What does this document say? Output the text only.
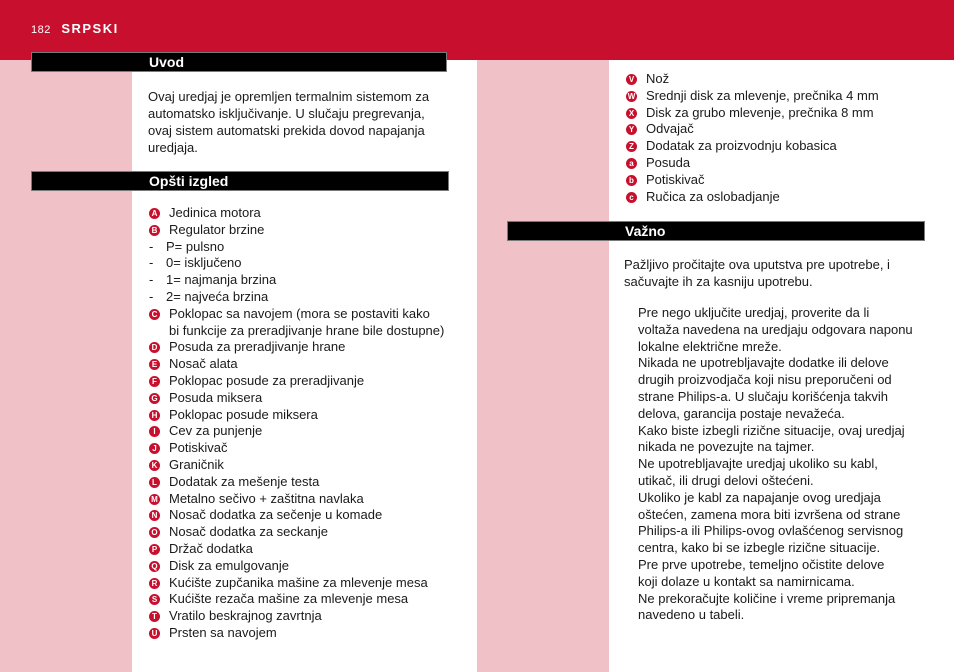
182 SRPSKI
Uvod
Ovaj uredjaj je opremljen termalnim sistemom za
automatsko isključivanje. U slučaju pregrevanja,
ovaj sistem automatski prekida dovod napajanja
uredjaja.
Opšti izgled
A Jedinica motora
B Regulator brzine
- P= pulsno
- 0= isključeno
- 1= najmanja brzina
- 2= najveća brzina
C Poklopac sa navojem (mora se postaviti kako
bi funkcije za preradjivanje hrane bile dostupne)
D Posuda za preradjivanje hrane
E Nosač alata
F Poklopac posude za preradjivanje
G Posuda miksera
H Poklopac posude miksera
I	Cev za punjenje
J Potiskivač
K Graničnik
L Dodatak za mešenje testa
M Metalno sečivo + zaštitna navlaka
N Nosač dodatka za sečenje u komade
O Nosač dodatka za seckanje
P Držač dodatka
Q Disk za emulgovanje
R Kućište zupčanika mašine za mlevenje mesa
S Kućište rezača mašine za mlevenje mesa
T Vratilo beskrajnog zavrtnja
U Prsten sa navojem
V Nož
W Srednji disk za mlevenje, prečnika 4 mm
X Disk za grubo mlevenje, prečnika 8 mm
Y Odvajač
Z Dodatak za proizvodnju kobasica
a Posuda
b Potiskivač
c Ručica za oslobadjanje
Važno
Pažljivo pročitajte ova uputstva pre upotrebe, i
sačuvajte ih za kasniju upotrebu.
Pre nego uključite uredjaj, proverite da li
voltaža navedena na uredjaju odgovara naponu
lokalne električne mreže.
Nikada ne upotrebljavajte dodatke ili delove
drugih proizvodjača koji nisu preporučeni od
strane Philips-a. U slučaju korišćenja takvih
delova, garancija postaje nevažeća.
Kako biste izbegli rizične situacije, ovaj uredjaj
nikada ne povezujte na tajmer.
Ne upotrebljavajte uredjaj ukoliko su kabl,
utikač, ili drugi delovi oštećeni.
Ukoliko je kabl za napajanje ovog uredjaja
oštećen, zamena mora biti izvršena od strane
Philips-a ili Philips-ovog ovlašćenog servisnog
centra, kako bi se izbegle rizične situacije.
Pre prve upotrebe, temeljno očistite delove
koji dolaze u kontakt sa namirnicama.
Ne prekoračujte količine i vreme pripremanja
navedeno u tabeli.
